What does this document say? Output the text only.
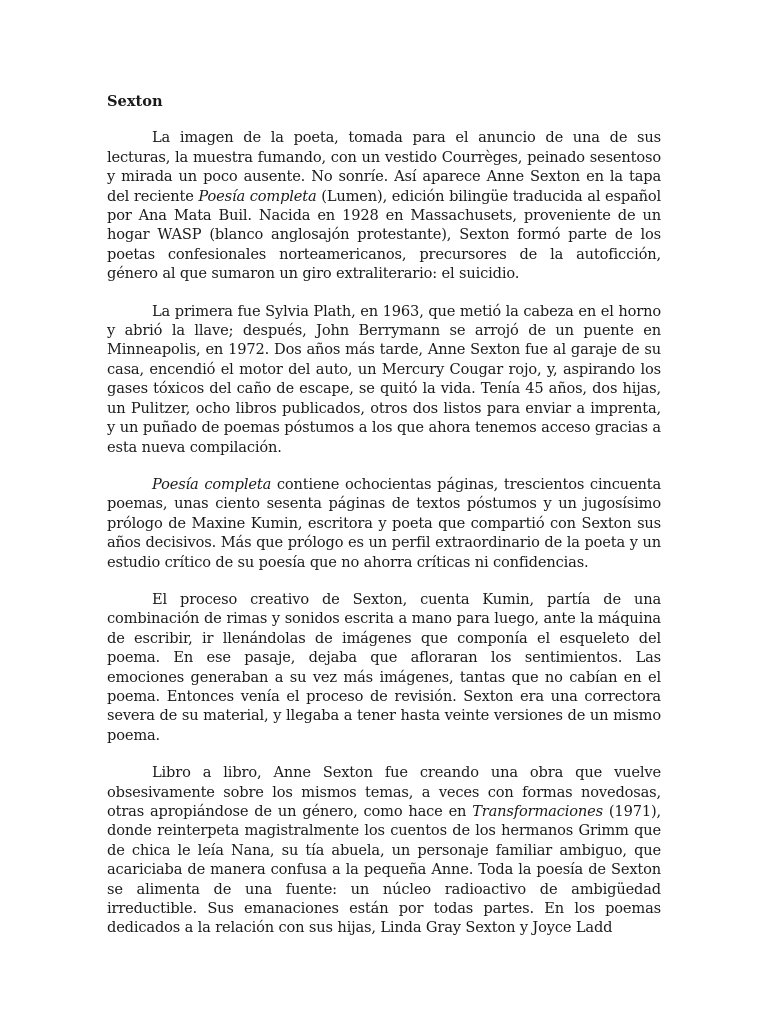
Sexton

La imagen de la poeta, tomada para el anuncio de una de sus lecturas, la muestra fumando, con un vestido Courrèges, peinado sesentoso y mirada un poco ausente. No sonríe. Así aparece Anne Sexton en la tapa del reciente Poesía completa (Lumen), edición bilingüe traducida al español por Ana Mata Buil. Nacida en 1928 en Massachusets, proveniente de un hogar WASP (blanco anglosajón protestante), Sexton formó parte de los poetas confesionales norteamericanos, precursores de la autoficción, género al que sumaron un giro extraliterario: el suicidio.

La primera fue Sylvia Plath, en 1963, que metió la cabeza en el horno y abrió la llave; después, John Berrymann se arrojó de un puente en Minneapolis, en 1972. Dos años más tarde, Anne Sexton fue al garaje de su casa, encendió el motor del auto, un Mercury Cougar rojo, y, aspirando los gases tóxicos del caño de escape, se quitó la vida. Tenía 45 años, dos hijas, un Pulitzer, ocho libros publicados, otros dos listos para enviar a imprenta, y un puñado de poemas póstumos a los que ahora tenemos acceso gracias a esta nueva compilación.

Poesía completa contiene ochocientas páginas, trescientos cincuenta poemas, unas ciento sesenta páginas de textos póstumos y un jugosísimo prólogo de Maxine Kumin, escritora y poeta que compartió con Sexton sus años decisivos. Más que prólogo es un perfil extraordinario de la poeta y un estudio crítico de su poesía que no ahorra críticas ni confidencias.

El proceso creativo de Sexton, cuenta Kumin, partía de una combinación de rimas y sonidos escrita a mano para luego, ante la máquina de escribir, ir llenándolas de imágenes que componía el esqueleto del poema. En ese pasaje, dejaba que afloraran los sentimientos. Las emociones generaban a su vez más imágenes, tantas que no cabían en el poema. Entonces venía el proceso de revisión. Sexton era una correctora severa de su material, y llegaba a tener hasta veinte versiones de un mismo poema.

Libro a libro, Anne Sexton fue creando una obra que vuelve obsesivamente sobre los mismos temas, a veces con formas novedosas, otras apropiándose de un género, como hace en Transformaciones (1971), donde reinterpeta magistralmente los cuentos de los hermanos Grimm que de chica le leía Nana, su tía abuela, un personaje familiar ambiguo, que acariciaba de manera confusa a la pequeña Anne. Toda la poesía de Sexton se alimenta de una fuente: un núcleo radioactivo de ambigüedad irreductible. Sus emanaciones están por todas partes. En los poemas dedicados a la relación con sus hijas, Linda Gray Sexton y Joyce Ladd
